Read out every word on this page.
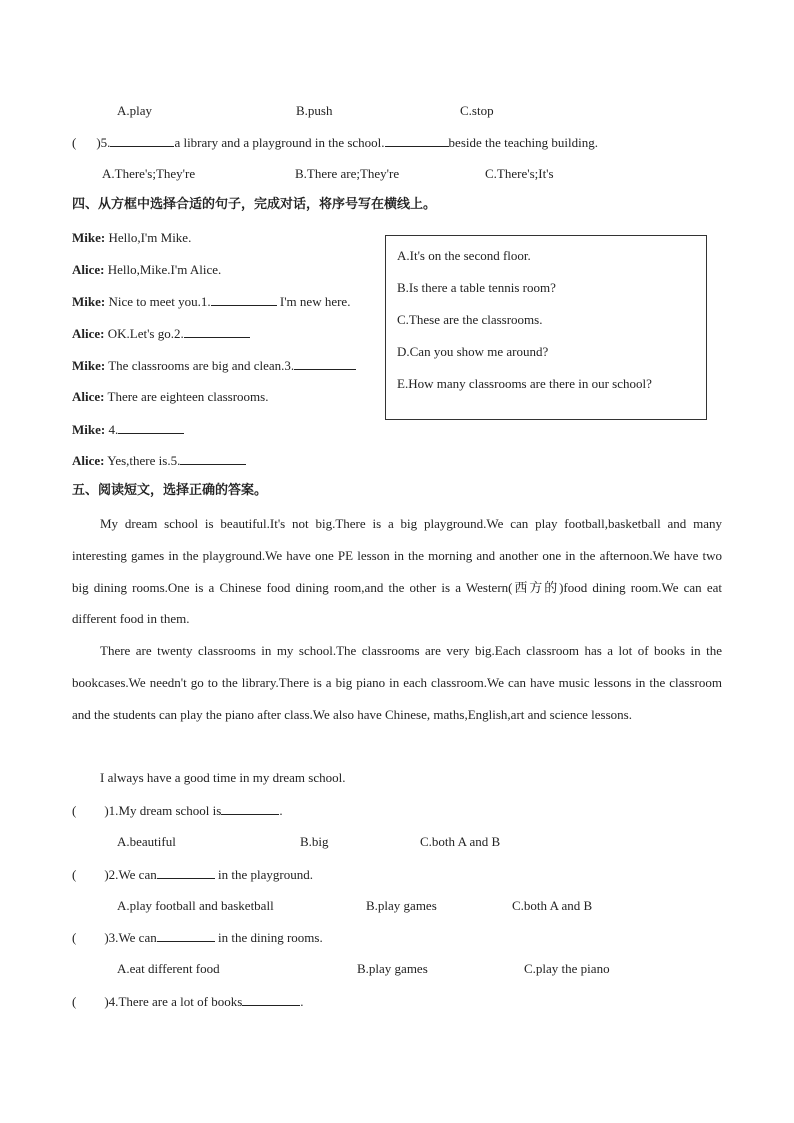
A.play	B.push	C.stop
( )5.	a library and a playground in the school.	beside the teaching building.
A.There's;They're	B.There are;They're	C.There's;It's
四、从方框中选择合适的句子，完成对话，将序号写在横线上。
Mike: Hello,I'm Mike.
Alice: Hello,Mike.I'm Alice.
Mike: Nice to meet you.1.	I'm new here.
Alice: OK.Let's go.2.
Mike: The classrooms are big and clean.3.
Alice: There are eighteen classrooms.
Mike: 4.
Alice: Yes,there is.5.
A.It's on the second floor.
B.Is there a table tennis room?
C.These are the classrooms.
D.Can you show me around?
E.How many classrooms are there in our school?
五、阅读短文，选择正确的答案。

My dream school is beautiful.It's not big.There is a big playground.We can play football,basketball and many interesting games in the playground.We have one PE lesson in the morning and another one in the afternoon.We have two big dining rooms.One is a Chinese food dining room,and the other is a Western(西方的)food dining room.We can eat different food in them.

There are twenty classrooms in my school.The classrooms are very big.Each classroom has a lot of books in the bookcases.We needn't go to the library.There is a big piano in each classroom.We can have music lessons in the classroom and the students can play the piano after class.We also have Chinese, maths,English,art and science lessons.

I always have a good time in my dream school.

( )1.My dream school is	.
A.beautiful	B.big	C.both A and B
( )2.We can	in the playground.
A.play football and basketball	B.play games	C.both A and B
( )3.We can	in the dining rooms.
A.eat different food	B.play games	C.play the piano
( )4.There are a lot of books	.
